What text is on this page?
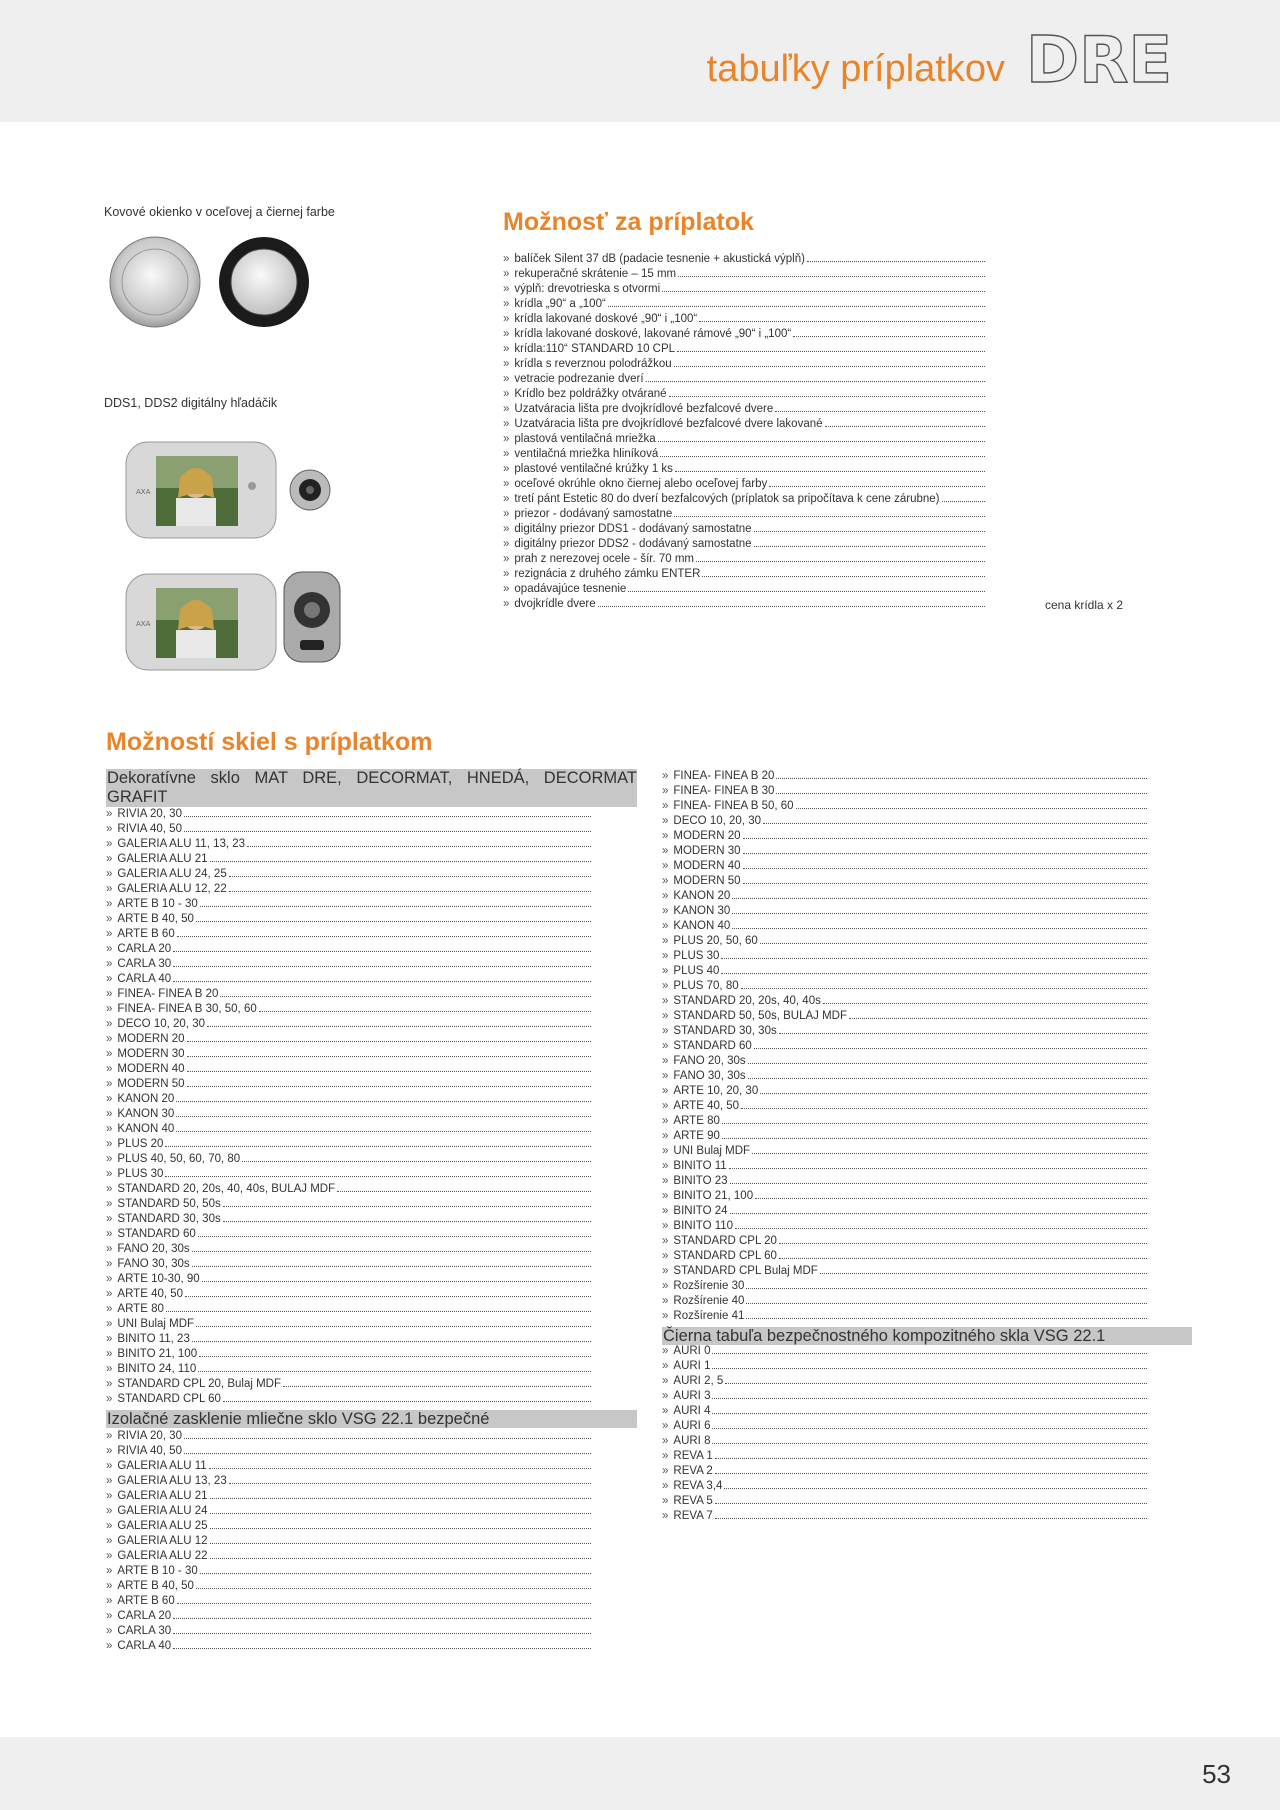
tabuľky príplatkov DRE
Kovové okienko v oceľovej a čiernej farbe
DDS1, DDS2 digitálny hľadáčik
AXA
AXA
Možnosť za príplatok
» balíček Silent 37 dB (padacie tesnenie + akustická výplň)
» rekuperačné skrátenie – 15 mm
» výplň: drevotrieska s otvormi
» krídla „90“ a „100“
» krídla lakované doskové „90“ i „100“
» krídla lakované doskové, lakované rámové „90“ i „100“
» krídla:110“ STANDARD 10 CPL
» krídla s reverznou polodrážkou
» vetracie podrezanie dverí
» Krídlo bez poldrážky otvárané
» Uzatváracia lišta pre dvojkrídlové bezfalcové dvere
» Uzatváracia lišta pre dvojkrídlové bezfalcové dvere lakované
» plastová ventilačná mriežka
» ventilačná mriežka hliníková
» plastové ventilačné krúžky 1 ks
» oceľové okrúhle okno čiernej alebo oceľovej farby
» tretí pánt Estetic 80 do dverí bezfalcových (príplatok sa pripočítava k cene zárubne)
» priezor - dodávaný samostatne
» digitálny priezor DDS1 - dodávaný samostatne
» digitálny priezor DDS2 - dodávaný samostatne
» prah z nerezovej ocele - šír. 70 mm
» rezignácia z druhého zámku ENTER
» opadávajúce tesnenie
» dvojkrídle dvere	cena krídla x 2
Možností skiel s príplatkom
Dekoratívne sklo MAT DRE, DECORMAT, HNEDÁ, DECORMAT GRAFIT
» RIVIA 20, 30
» RIVIA 40, 50
» GALERIA ALU 11, 13, 23
» GALERIA ALU 21
» GALERIA ALU 24, 25
» GALERIA ALU 12, 22
» ARTE B 10 - 30
» ARTE B 40, 50
» ARTE B 60
» CARLA 20
» CARLA 30
» CARLA 40
» FINEA- FINEA B 20
» FINEA- FINEA B 30, 50, 60
» DECO 10, 20, 30
» MODERN 20
» MODERN 30
» MODERN 40
» MODERN 50
» KANON 20
» KANON 30
» KANON 40
» PLUS 20
» PLUS 40, 50, 60, 70, 80
» PLUS 30
» STANDARD 20, 20s, 40, 40s, BULAJ MDF
» STANDARD 50, 50s
» STANDARD 30, 30s
» STANDARD 60
» FANO 20, 30s
» FANO 30, 30s
» ARTE 10-30, 90
» ARTE 40, 50
» ARTE 80
» UNI Bulaj MDF
» BINITO 11, 23
» BINITO 21, 100
» BINITO 24, 110
» STANDARD CPL 20, Bulaj MDF
» STANDARD CPL 60
Izolačné zasklenie mliečne sklo VSG 22.1 bezpečné
» RIVIA 20, 30
» RIVIA 40, 50
» GALERIA ALU 11
» GALERIA ALU 13, 23
» GALERIA ALU 21
» GALERIA ALU 24
» GALERIA ALU 25
» GALERIA ALU 12
» GALERIA ALU 22
» ARTE B 10 - 30
» ARTE B 40, 50
» ARTE B 60
» CARLA 20
» CARLA 30
» CARLA 40
» FINEA- FINEA B 20
» FINEA- FINEA B 30
» FINEA- FINEA B 50, 60
» DECO 10, 20, 30
» MODERN 20
» MODERN 30
» MODERN 40
» MODERN 50
» KANON 20
» KANON 30
» KANON 40
» PLUS 20, 50, 60
» PLUS 30
» PLUS 40
» PLUS 70, 80
» STANDARD 20, 20s, 40, 40s
» STANDARD 50, 50s, BULAJ MDF
» STANDARD 30, 30s
» STANDARD 60
» FANO 20, 30s
» FANO 30, 30s
» ARTE 10, 20, 30
» ARTE 40, 50
» ARTE 80
» ARTE 90
» UNI Bulaj MDF
» BINITO 11
» BINITO 23
» BINITO 21, 100
» BINITO 24
» BINITO 110
» STANDARD CPL 20
» STANDARD CPL 60
» STANDARD CPL Bulaj MDF
» Rozšírenie 30
» Rozšírenie 40
» Rozšírenie 41
Čierna tabuľa bezpečnostného kompozitného skla VSG 22.1
» AURI 0
» AURI 1
» AURI 2, 5
» AURI 3
» AURI 4
» AURI 6
» AURI 8
» REVA 1
» REVA 2
» REVA 3,4
» REVA 5
» REVA 7
53
